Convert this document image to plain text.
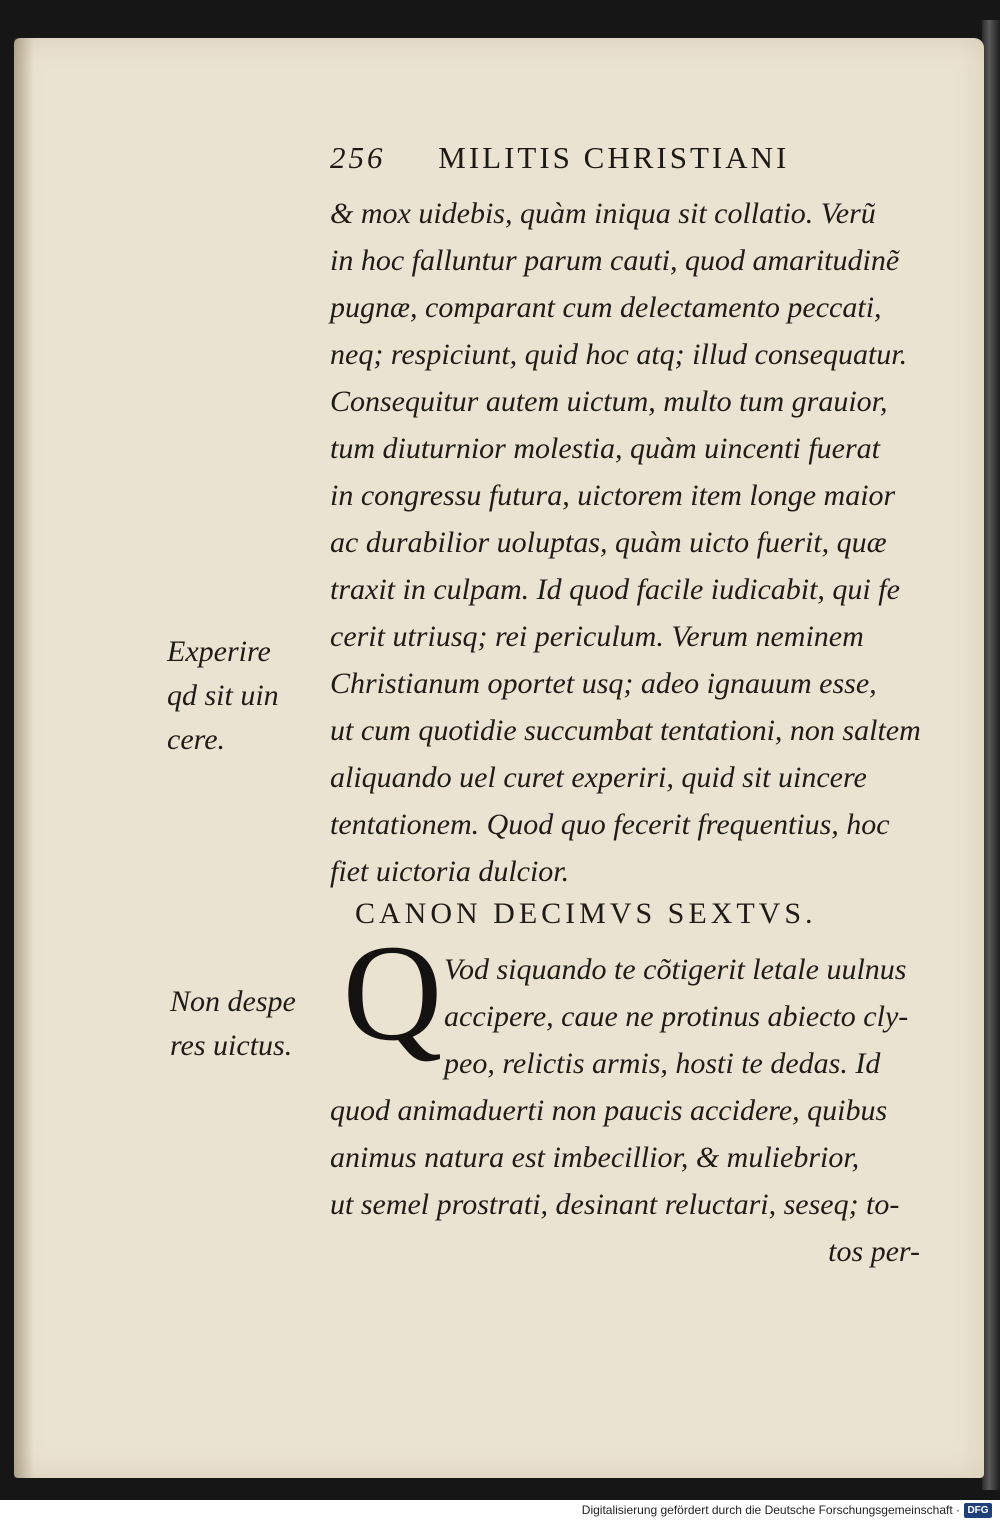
256 MILITIS CHRISTIANI
& mox uidebis, quàm iniqua sit collatio. Verũ
in hoc falluntur parum cauti, quod amaritudinẽ
pugnæ, comparant cum delectamento peccati,
neq; respiciunt, quid hoc atq; illud consequatur.
Consequitur autem uictum, multo tum grauior,
tum diuturnior molestia, quàm uincenti fuerat
in congressu futura, uictorem item longe maior
ac durabilior uoluptas, quàm uicto fuerit, quæ
traxit in culpam. Id quod facile iudicabit, qui fe
cerit utriusq; rei periculum. Verum neminem
Christianum oportet usq; adeo ignauum esse,
ut cum quotidie succumbat tentationi, non saltem
aliquando uel curet experiri, quid sit uincere
tentationem. Quod quo fecerit frequentius, hoc
fiet uictoria dulcior.
CANON DECIMVS SEXTVS.
Q Vod siquando te cõtigerit letale uulnus
accipere, caue ne protinus abiecto cly-
peo, relictis armis, hosti te dedas. Id
quod animaduerti non paucis accidere, quibus
animus natura est imbecillior, & muliebrior,
ut semel prostrati, desinant reluctari, seseq; to-
tos per-
Experire
qd sit uin
cere.
Non despe
res uictus.
Digitalisierung gefördert durch die Deutsche Forschungsgemeinschaft · DFG
